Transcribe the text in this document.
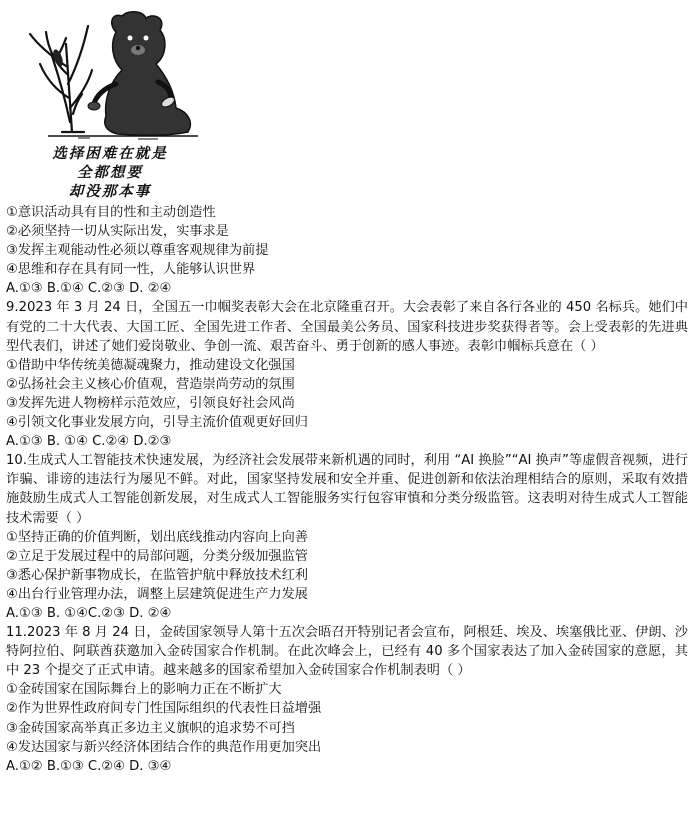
选择困难在就是
全都想要
却没那本事
①意识活动具有目的性和主动创造性
②必须坚持一切从实际出发，实事求是
③发挥主观能动性必须以尊重客观规律为前提
④思维和存在具有同一性，人能够认识世界
A.①③ B.①④ C.②③ D. ②④
9.2023 年 3 月 24 日，全国五一巾帼奖表彰大会在北京隆重召开。大会表彰了来自各行各业的 450 名标兵。她们中有党的二十大代表、大国工匠、全国先进工作者、全国最美公务员、国家科技进步奖获得者等。会上受表彰的先进典型代表们，讲述了她们爱岗敬业、争创一流、艰苦奋斗、勇于创新的感人事迹。表彰巾帼标兵意在（ ）
①借助中华传统美德凝魂聚力，推动建设文化强国
②弘扬社会主义核心价值观，营造崇尚劳动的氛围
③发挥先进人物榜样示范效应，引领良好社会风尚
④引领文化事业发展方向，引导主流价值观更好回归
A.①③ B. ①④ C.②④ D.②③
10.生成式人工智能技术快速发展，为经济社会发展带来新机遇的同时，利用 “AI 换脸”“AI 换声”等虚假音视频，进行诈骗、诽谤的违法行为屡见不鲜。对此，国家坚持发展和安全并重、促进创新和依法治理相结合的原则，采取有效措施鼓励生成式人工智能创新发展，对生成式人工智能服务实行包容审慎和分类分级监管。这表明对待生成式人工智能技术需要（ ）
①坚持正确的价值判断，划出底线推动内容向上向善
②立足于发展过程中的局部问题，分类分级加强监管
③悉心保护新事物成长，在监管护航中释放技术红利
④出台行业管理办法，调整上层建筑促进生产力发展
A.①③ B. ①④C.②③ D. ②④
11.2023 年 8 月 24 日，金砖国家领导人第十五次会晤召开特别记者会宣布，阿根廷、埃及、埃塞俄比亚、伊朗、沙特阿拉伯、阿联酋获邀加入金砖国家合作机制。在此次峰会上，已经有 40 多个国家表达了加入金砖国家的意愿，其中 23 个提交了正式申请。越来越多的国家希望加入金砖国家合作机制表明（ ）
①金砖国家在国际舞台上的影响力正在不断扩大
②作为世界性政府间专门性国际组织的代表性日益增强
③金砖国家高举真正多边主义旗帜的追求势不可挡
④发达国家与新兴经济体团结合作的典范作用更加突出
A.①② B.①③ C.②④ D. ③④
